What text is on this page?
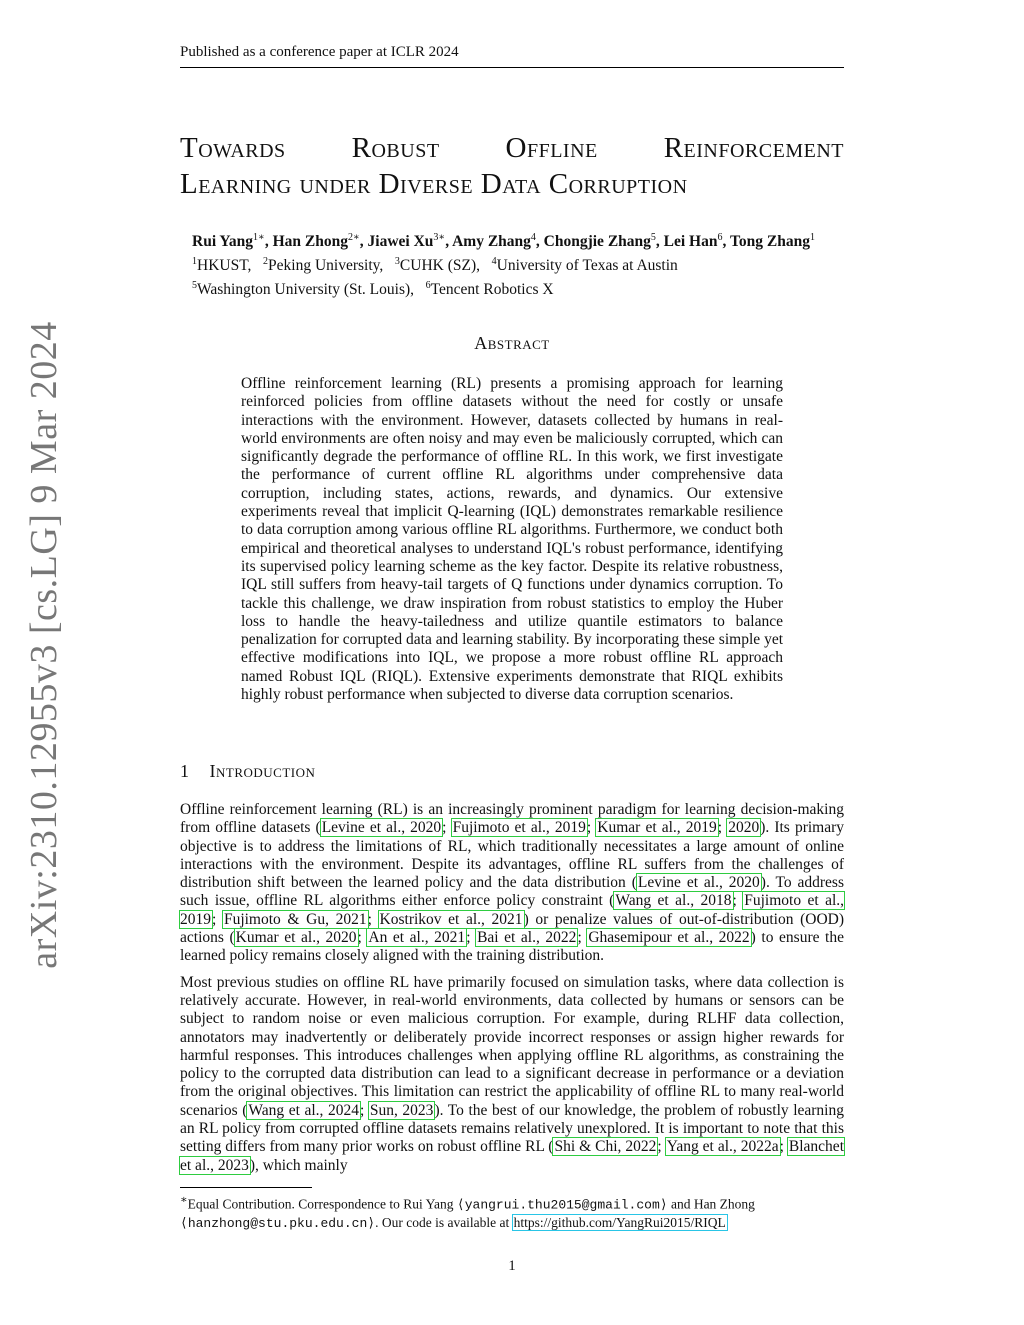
Published as a conference paper at ICLR 2024
arXiv:2310.12955v3 [cs.LG] 9 Mar 2024
Towards Robust Offline Reinforcement
Learning under Diverse Data Corruption
Rui Yang$^{1∗}$, Han Zhong$^{2∗}$, Jiawei $Xu^{3∗}$, Amy Zhang$^4$, Chongjie Zhang$^5$, Lei Han$^6$, Tong Zhang$^1$
$^1$HKUST, $^2$Peking University, $^3$CUHK (SZ), $^4$University of Texas at Austin
$^5$Washington University (St. Louis), $^6$Tencent Robotics X
Abstract
Offline reinforcement learning (RL) presents a promising approach for learning reinforced policies from offline datasets without the need for costly or unsafe interactions with the environment. However, datasets collected by humans in real-world environments are often noisy and may even be maliciously corrupted, which can significantly degrade the performance of offline RL. In this work, we first investigate the performance of current offline RL algorithms under comprehensive data corruption, including states, actions, rewards, and dynamics. Our extensive experiments reveal that implicit Q-learning (IQL) demonstrates remarkable resilience to data corruption among various offline RL algorithms. Furthermore, we conduct both empirical and theoretical analyses to understand IQL's robust performance, identifying its supervised policy learning scheme as the key factor. Despite its relative robustness, IQL still suffers from heavy-tail targets of Q functions under dynamics corruption. To tackle this challenge, we draw inspiration from robust statistics to employ the Huber loss to handle the heavy-tailedness and utilize quantile estimators to balance penalization for corrupted data and learning stability. By incorporating these simple yet effective modifications into IQL, we propose a more robust offline RL approach named Robust IQL (RIQL). Extensive experiments demonstrate that RIQL exhibits highly robust performance when subjected to diverse data corruption scenarios.
1 Introduction

Offline reinforcement learning (RL) is an increasingly prominent paradigm for learning decision-making from offline datasets (Levine et al., 2020; Fujimoto et al., 2019; Kumar et al., 2019; 2020). Its primary objective is to address the limitations of RL, which traditionally necessitates a large amount of online interactions with the environment. Despite its advantages, offline RL suffers from the challenges of distribution shift between the learned policy and the data distribution (Levine et al., 2020). To address such issue, offline RL algorithms either enforce policy constraint (Wang et al., 2018; Fujimoto et al., 2019; Fujimoto & Gu, 2021; Kostrikov et al., 2021) or penalize values of out-of-distribution (OOD) actions (Kumar et al., 2020; An et al., 2021; Bai et al., 2022; Ghasemipour et al., 2022) to ensure the learned policy remains closely aligned with the training distribution.

Most previous studies on offline RL have primarily focused on simulation tasks, where data collection is relatively accurate. However, in real-world environments, data collected by humans or sensors can be subject to random noise or even malicious corruption. For example, during RLHF data collection, annotators may inadvertently or deliberately provide incorrect responses or assign higher rewards for harmful responses. This introduces challenges when applying offline RL algorithms, as constraining the policy to the corrupted data distribution can lead to a significant decrease in performance or a deviation from the original objectives. This limitation can restrict the applicability of offline RL to many real-world scenarios (Wang et al., 2024; Sun, 2023). To the best of our knowledge, the problem of robustly learning an RL policy from corrupted offline datasets remains relatively unexplored. It is important to note that this setting differs from many prior works on robust offline RL (Shi & Chi, 2022; Yang et al., 2022a; Blanchet et al., 2023), which mainly

∗Equal Contribution. Correspondence to Rui Yang ⟨yangrui.thu2015@gmail.com⟩ and Han Zhong ⟨hanzhong@stu.pku.edu.cn⟩. Our code is available at https://github.com/YangRui2015/RIQL
1
